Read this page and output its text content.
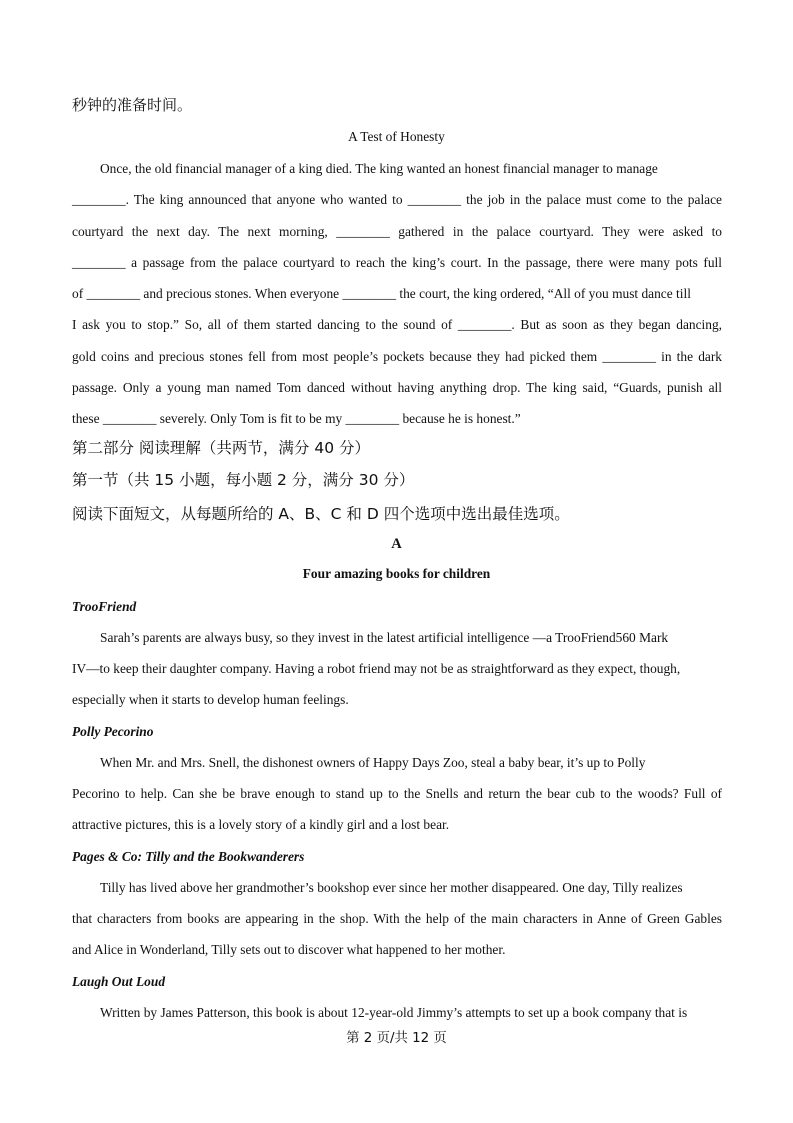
秒钟的准备时间。
A Test of Honesty
Once, the old financial manager of a king died. The king wanted an honest financial manager to manage
________. The king announced that anyone who wanted to ________ the job in the palace must come to the palace
courtyard the next day. The next morning, ________ gathered in the palace courtyard. They were asked to
________ a passage from the palace courtyard to reach the king’s court. In the passage, there were many pots full
of ________ and precious stones. When everyone ________ the court, the king ordered, “All of you must dance till
I ask you to stop.” So, all of them started dancing to the sound of ________. But as soon as they began dancing,
gold coins and precious stones fell from most people’s pockets because they had picked them ________ in the dark
passage. Only a young man named Tom danced without having anything drop. The king said, “Guards, punish all
these ________ severely. Only Tom is fit to be my ________ because he is honest.”
第二部分 阅读理解（共两节，满分 40 分）
第一节（共 15 小题，每小题 2 分，满分 30 分）
阅读下面短文，从每题所给的 A、B、C 和 D 四个选项中选出最佳选项。
A
Four amazing books for children
TrooFriend
Sarah’s parents are always busy, so they invest in the latest artificial intelligence —a TrooFriend560 Mark
IV—to keep their daughter company. Having a robot friend may not be as straightforward as they expect, though,
especially when it starts to develop human feelings.
Polly Pecorino
When Mr. and Mrs. Snell, the dishonest owners of Happy Days Zoo, steal a baby bear, it’s up to Polly
Pecorino to help. Can she be brave enough to stand up to the Snells and return the bear cub to the woods? Full of
attractive pictures, this is a lovely story of a kindly girl and a lost bear.
Pages & Co: Tilly and the Bookwanderers
Tilly has lived above her grandmother’s bookshop ever since her mother disappeared. One day, Tilly realizes
that characters from books are appearing in the shop. With the help of the main characters in Anne of Green Gables
and Alice in Wonderland, Tilly sets out to discover what happened to her mother.
Laugh Out Loud
Written by James Patterson, this book is about 12-year-old Jimmy’s attempts to set up a book company that is
第 2 页/共 12 页
